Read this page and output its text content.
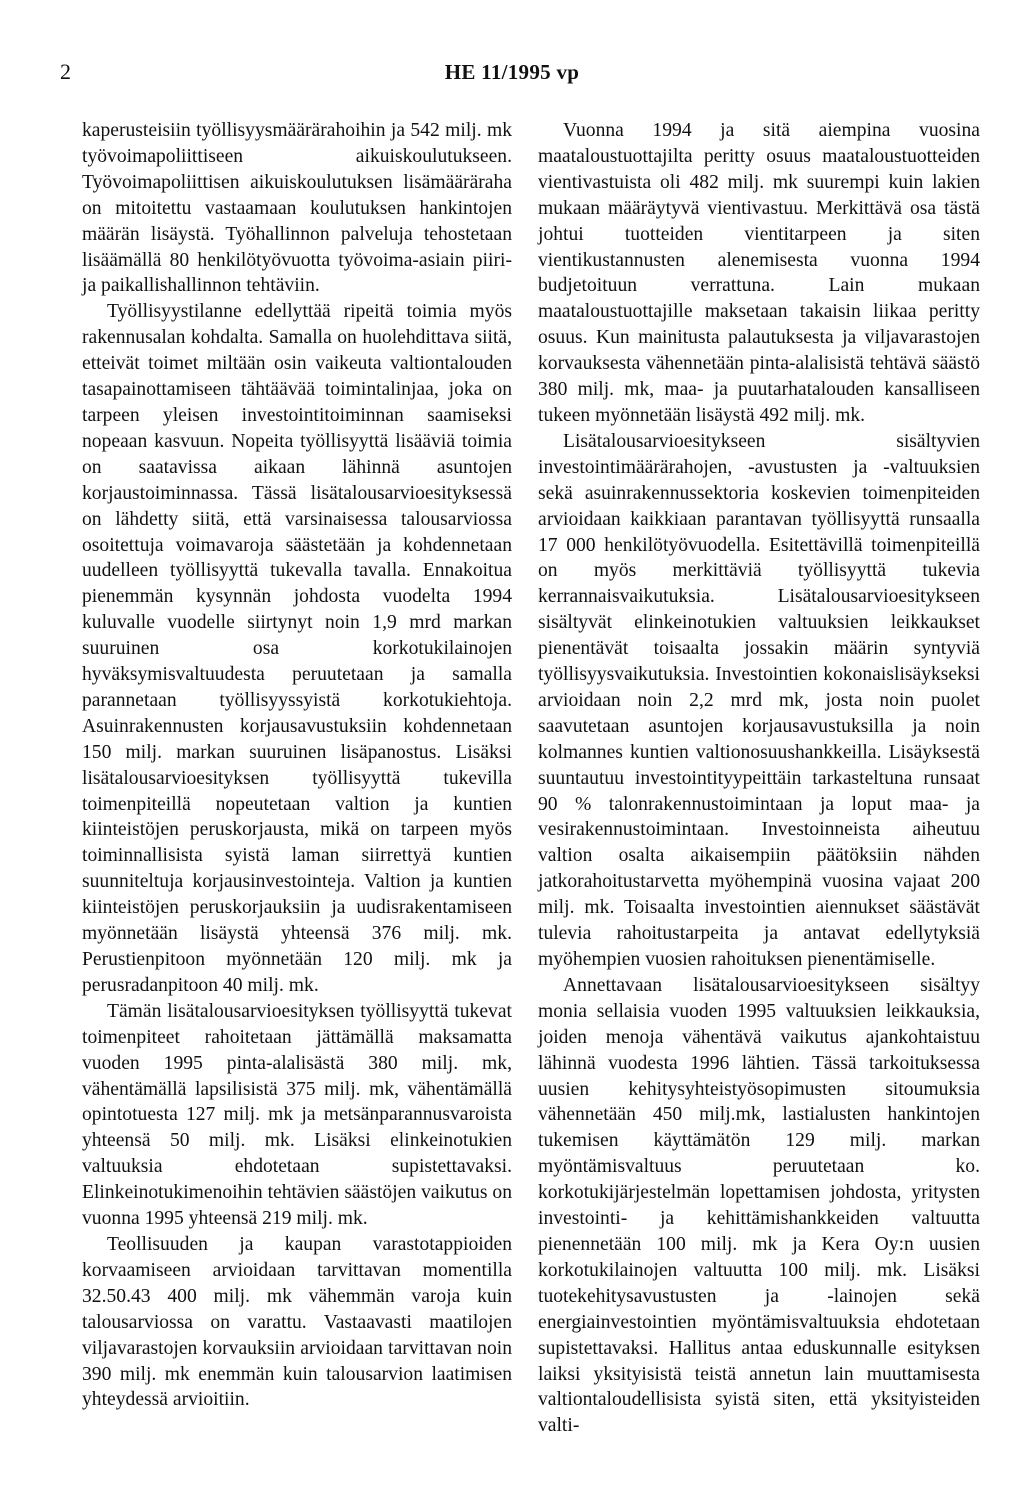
2	HE 11/1995 vp

kaperusteisiin työllisyysmäärärahoihin ja 542 milj. mk työvoimapoliittiseen aikuiskoulutukseen. Työvoimapoliittisen aikuiskoulutuksen lisämääräraha on mitoitettu vastaamaan koulutuksen hankintojen määrän lisäystä. Työhallinnon palveluja tehostetaan lisäämällä 80 henkilötyövuotta työvoima-asiain piiri- ja paikallishallinnon tehtäviin.

Työllisyystilanne edellyttää ripeitä toimia myös rakennusalan kohdalta. Samalla on huolehdittava siitä, etteivät toimet miltään osin vaikeuta valtiontalouden tasapainottamiseen tähtäävää toimintalinjaa, joka on tarpeen yleisen investointitoiminnan saamiseksi nopeaan kasvuun. Nopeita työllisyyttä lisääviä toimia on saatavissa aikaan lähinnä asuntojen korjaustoiminnassa. Tässä lisätalousarvioesityksessä on lähdetty siitä, että varsinaisessa talousarviossa osoitettuja voimavaroja säästetään ja kohdennetaan uudelleen työllisyyttä tukevalla tavalla. Ennakoitua pienemmän kysynnän johdosta vuodelta 1994 kuluvalle vuodelle siirtynyt noin 1,9 mrd markan suuruinen osa korkotukilainojen hyväksymisvaltuudesta peruutetaan ja samalla parannetaan työllisyyssyistä korkotukiehtoja. Asuinrakennusten korjausavustuksiin kohdennetaan 150 milj. markan suuruinen lisäpanostus. Lisäksi lisätalousarvioesityksen työllisyyttä tukevilla toimenpiteillä nopeutetaan valtion ja kuntien kiinteistöjen peruskorjausta, mikä on tarpeen myös toiminnallisista syistä laman siirrettyä kuntien suunniteltuja korjausinvestointeja. Valtion ja kuntien kiinteistöjen peruskorjauksiin ja uudisrakentamiseen myönnetään lisäystä yhteensä 376 milj. mk. Perustienpitoon myönnetään 120 milj. mk ja perusradanpitoon 40 milj. mk.

Tämän lisätalousarvioesityksen työllisyyttä tukevat toimenpiteet rahoitetaan jättämällä maksamatta vuoden 1995 pinta-alalisästä 380 milj. mk, vähentämällä lapsilisistä 375 milj. mk, vähentämällä opintotuesta 127 milj. mk ja metsänparannusvaroista yhteensä 50 milj. mk. Lisäksi elinkeinotukien valtuuksia ehdotetaan supistettavaksi. Elinkeinotukimenoihin tehtävien säästöjen vaikutus on vuonna 1995 yhteensä 219 milj. mk.

Teollisuuden ja kaupan varastotappioiden korvaamiseen arvioidaan tarvittavan momentilla 32.50.43 400 milj. mk vähemmän varoja kuin talousarviossa on varattu. Vastaavasti maatilojen viljavarastojen korvauksiin arvioidaan tarvittavan noin 390 milj. mk enemmän kuin talousarvion laatimisen yhteydessä arvioitiin.

Vuonna 1994 ja sitä aiempina vuosina maataloustuottajilta peritty osuus maataloustuotteiden vientivastuista oli 482 milj. mk suurempi kuin lakien mukaan määräytyvä vientivastuu. Merkittävä osa tästä johtui tuotteiden vientitarpeen ja siten vientikustannusten alenemisesta vuonna 1994 budjetoituun verrattuna. Lain mukaan maataloustuottajille maksetaan takaisin liikaa peritty osuus. Kun mainitusta palautuksesta ja viljavarastojen korvauksesta vähennetään pinta-alalisistä tehtävä säästö 380 milj. mk, maa- ja puutarhatalouden kansalliseen tukeen myönnetään lisäystä 492 milj. mk.

Lisätalousarvioesitykseen sisältyvien investointimäärärahojen, -avustusten ja -valtuuksien sekä asuinrakennussektoria koskevien toimenpiteiden arvioidaan kaikkiaan parantavan työllisyyttä runsaalla 17 000 henkilötyövuodella. Esitettävillä toimenpiteillä on myös merkittäviä työllisyyttä tukevia kerrannaisvaikutuksia. Lisätalousarvioesitykseen sisältyvät elinkeinotukien valtuuksien leikkaukset pienentävät toisaalta jossakin määrin syntyviä työllisyysvaikutuksia. Investointien kokonaislisäykseksi arvioidaan noin 2,2 mrd mk, josta noin puolet saavutetaan asuntojen korjausavustuksilla ja noin kolmannes kuntien valtionosuushankkeilla. Lisäyksestä suuntautuu investointityypeittäin tarkasteltuna runsaat 90 % talonrakennustoimintaan ja loput maa- ja vesirakennustoimintaan. Investoinneista aiheutuu valtion osalta aikaisempiin päätöksiin nähden jatkorahoitustarvetta myöhempinä vuosina vajaat 200 milj. mk. Toisaalta investointien aiennukset säästävät tulevia rahoitustarpeita ja antavat edellytyksiä myöhempien vuosien rahoituksen pienentämiselle.

Annettavaan lisätalousarvioesitykseen sisältyy monia sellaisia vuoden 1995 valtuuksien leikkauksia, joiden menoja vähentävä vaikutus ajankohtaistuu lähinnä vuodesta 1996 lähtien. Tässä tarkoituksessa uusien kehitysyhteistyösopimusten sitoumuksia vähennetään 450 milj.mk, lastialusten hankintojen tukemisen käyttämätön 129 milj. markan myöntämisvaltuus peruutetaan ko. korkotukijärjestelmän lopettamisen johdosta, yritysten investointi- ja kehittämishankkeiden valtuutta pienennetään 100 milj. mk ja Kera Oy:n uusien korkotukilainojen valtuutta 100 milj. mk. Lisäksi tuotekehitysavustusten ja -lainojen sekä energiainvestointien myöntämisvaltuuksia ehdotetaan supistettavaksi. Hallitus antaa eduskunnalle esityksen laiksi yksityisistä teistä annetun lain muuttamisesta valtiontaloudellisista syistä siten, että yksityisteiden valti-
